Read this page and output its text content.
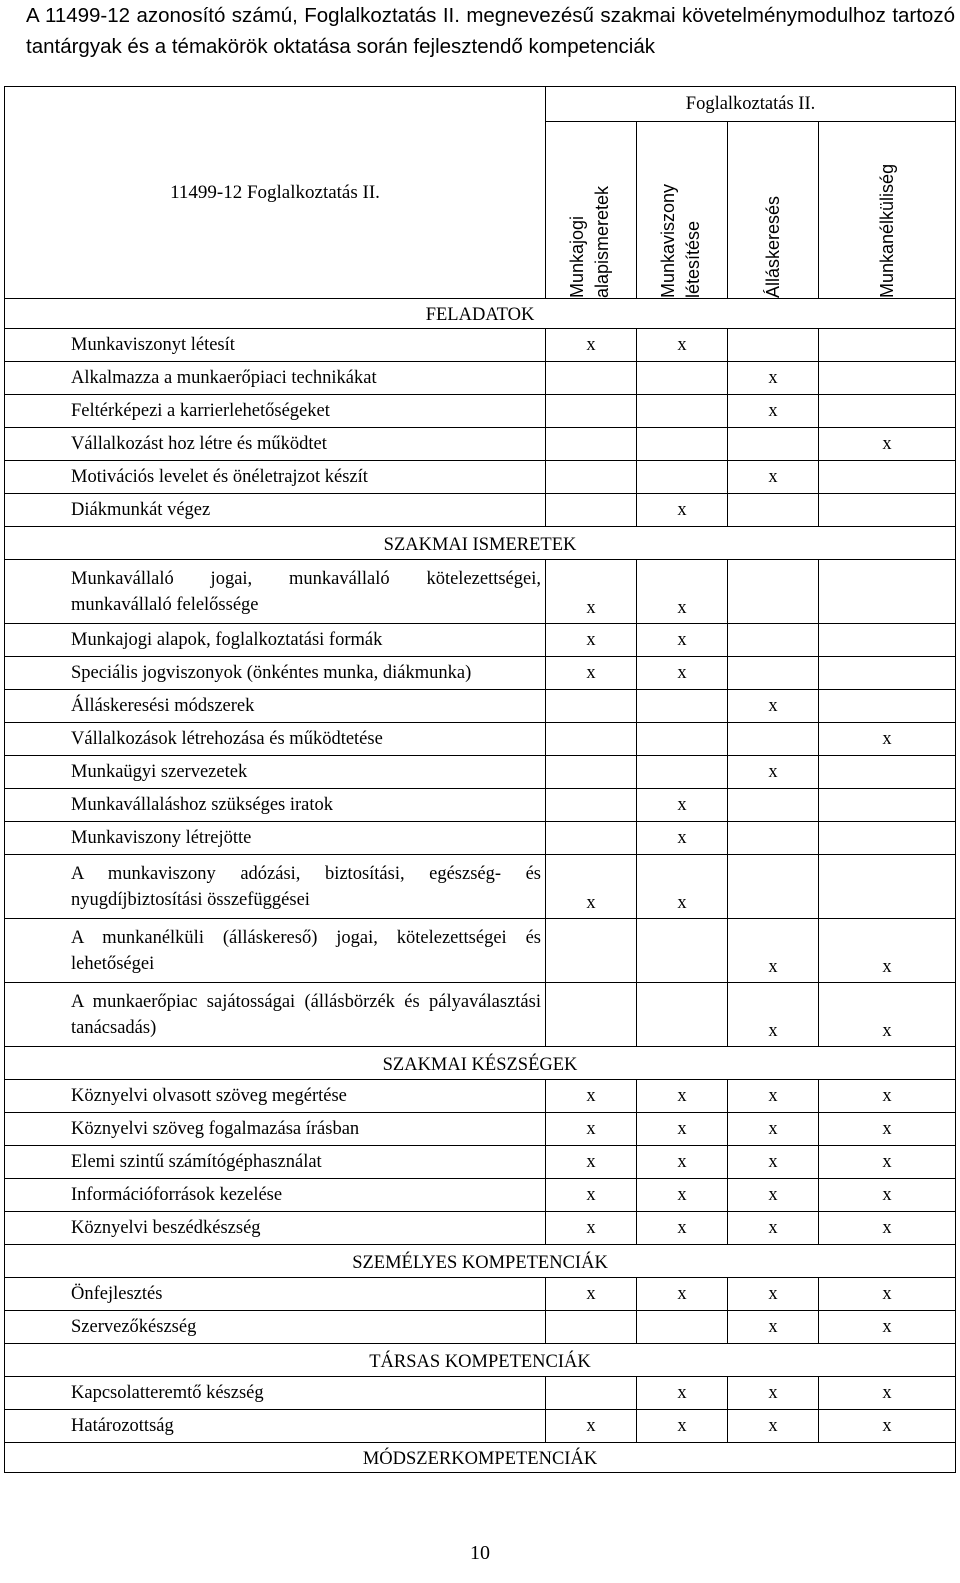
A 11499-12 azonosító számú, Foglalkoztatás II. megnevezésű szakmai követelménymodulhoz tartozó tantárgyak és a témakörök oktatása során fejlesztendő kompetenciák
11499-12 Foglalkoztatás II.	Foglalkoztatás II.			

	Munkajogi alapismeretek	Munkaviszony létesítése	Álláskeresés	Munkanélküliség

FELADATOK				
Munkaviszonyt létesít	x	x		
Alkalmazza a munkaerőpiaci technikákat			x	
Feltérképezi a karrierlehetőségeket			x	
Vállalkozást hoz létre és működtet				x
Motivációs levelet és önéletrajzot készít			x	
Diákmunkát végez		x		
SZAKMAI ISMERETEK				
Munkavállaló jogai, munkavállaló kötelezettségei, munkavállaló felelőssége	x	x		
Munkajogi alapok, foglalkoztatási formák	x	x		
Speciális jogviszonyok (önkéntes munka, diákmunka)	x	x		
Álláskeresési módszerek			x	
Vállalkozások létrehozása és működtetése				x
Munkaügyi szervezetek			x	
Munkavállaláshoz szükséges iratok		x		
Munkaviszony létrejötte		x		
A munkaviszony adózási, biztosítási, egészség- és nyugdíjbiztosítási összefüggései	x	x		
A munkanélküli (álláskereső) jogai, kötelezettségei és lehetőségei			x	x
A munkaerőpiac sajátosságai (állásbörzék és pályaválasztási tanácsadás)			x	x
SZAKMAI KÉSZSÉGEK				
Köznyelvi olvasott szöveg megértése	x	x	x	x
Köznyelvi szöveg fogalmazása írásban	x	x	x	x
Elemi szintű számítógéphasználat	x	x	x	x
Információforrások kezelése	x	x	x	x
Köznyelvi beszédkészség	x	x	x	x
SZEMÉLYES KOMPETENCIÁK				
Önfejlesztés	x	x	x	x
Szervezőkészség			x	x
TÁRSAS KOMPETENCIÁK				
Kapcsolatteremtő készség		x	x	x
Határozottság	x	x	x	x
MÓDSZERKOMPETENCIÁK				
10
